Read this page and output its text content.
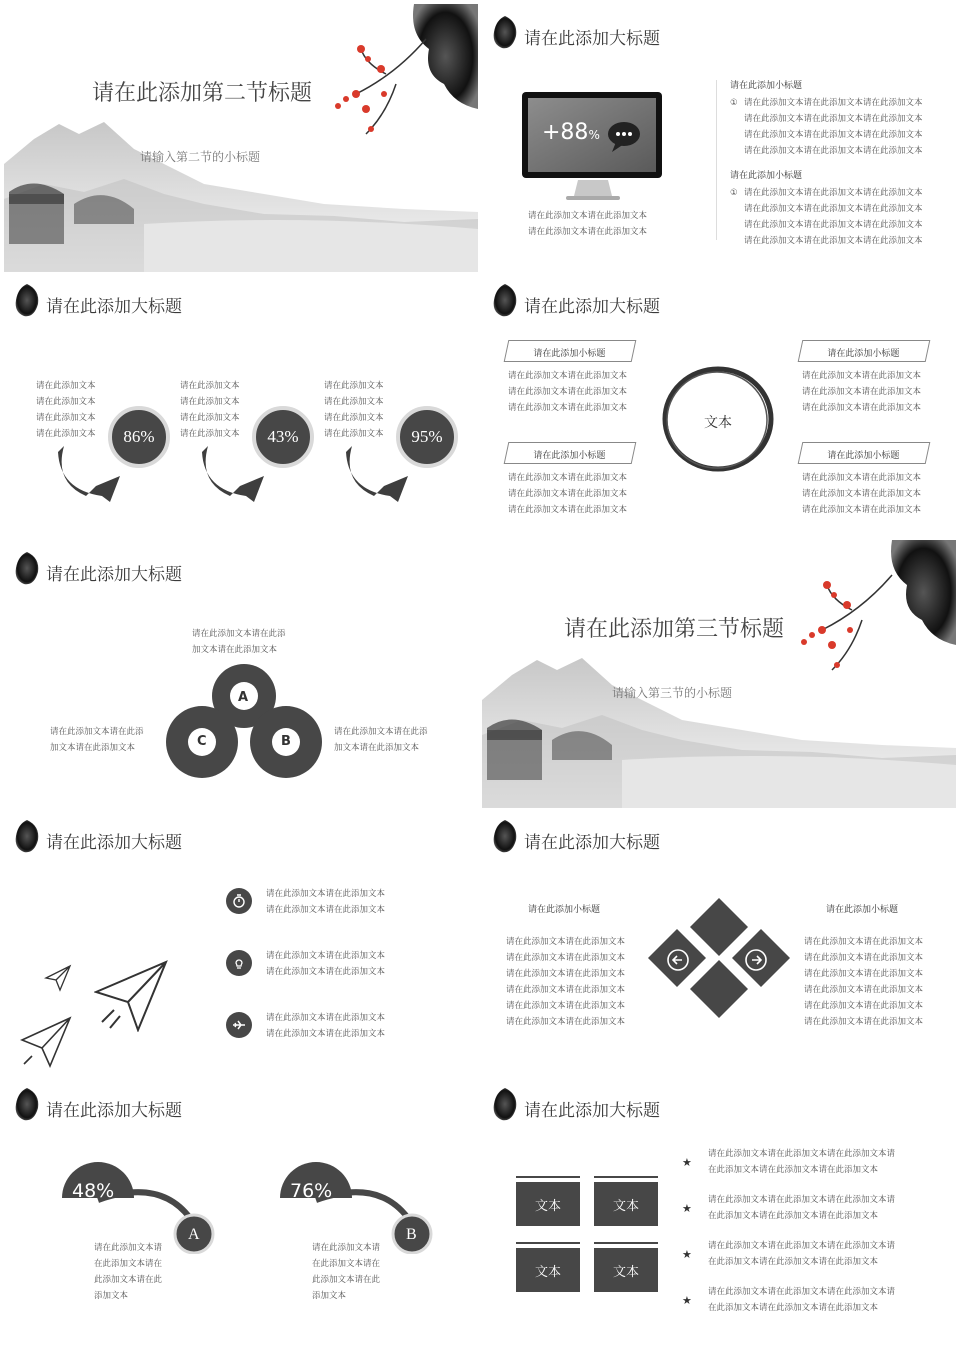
请在此添加第二节标题
请输入第二节的小标题
请在此添加大标题
+88%
请在此添加文本请在此添加文本
请在此添加文本请在此添加文本
请在此添加小标题
① 请在此添加文本请在此添加文本请在此添加文本
请在此添加文本请在此添加文本请在此添加文本
请在此添加文本请在此添加文本请在此添加文本
请在此添加文本请在此添加文本请在此添加文本
请在此添加小标题
① 请在此添加文本请在此添加文本请在此添加文本
请在此添加文本请在此添加文本请在此添加文本
请在此添加文本请在此添加文本请在此添加文本
请在此添加文本请在此添加文本请在此添加文本
请在此添加大标题
请在此添加文本
请在此添加文本
请在此添加文本
请在此添加文本
请在此添加文本
请在此添加文本
请在此添加文本
请在此添加文本
请在此添加文本
请在此添加文本
请在此添加文本
请在此添加文本
86%	43%	95%
请在此添加大标题
文本
请在此添加小标题
请在此添加文本请在此添加文本
请在此添加文本请在此添加文本
请在此添加文本请在此添加文本
请在此添加小标题
请在此添加文本请在此添加文本
请在此添加文本请在此添加文本
请在此添加文本请在此添加文本
请在此添加小标题
请在此添加文本请在此添加文本
请在此添加文本请在此添加文本
请在此添加文本请在此添加文本
请在此添加小标题
请在此添加文本请在此添加文本
请在此添加文本请在此添加文本
请在此添加文本请在此添加文本
请在此添加大标题
请在此添加文本请在此添
加文本请在此添加文本
请在此添加文本请在此添
加文本请在此添加文本
请在此添加文本请在此添
加文本请在此添加文本
A
B
C
请在此添加第三节标题
请输入第三节的小标题
请在此添加大标题
请在此添加文本请在此添加文本
请在此添加文本请在此添加文本
请在此添加文本请在此添加文本
请在此添加文本请在此添加文本
请在此添加文本请在此添加文本
请在此添加文本请在此添加文本
请在此添加大标题
请在此添加小标题	请在此添加小标题
请在此添加文本请在此添加文本
请在此添加文本请在此添加文本
请在此添加文本请在此添加文本
请在此添加文本请在此添加文本
请在此添加文本请在此添加文本
请在此添加文本请在此添加文本
请在此添加文本请在此添加文本
请在此添加文本请在此添加文本
请在此添加文本请在此添加文本
请在此添加文本请在此添加文本
请在此添加文本请在此添加文本
请在此添加文本请在此添加文本
请在此添加大标题
48%
A
请在此添加文本请
在此添加文本请在
此添加文本请在此
添加文本
76%
B
请在此添加文本请
在此添加文本请在
此添加文本请在此
添加文本
请在此添加大标题
文本	文本
文本	文本
★
请在此添加文本请在此添加文本请在此添加文本请
在此添加文本请在此添加文本请在此添加文本
★
请在此添加文本请在此添加文本请在此添加文本请
在此添加文本请在此添加文本请在此添加文本
★
请在此添加文本请在此添加文本请在此添加文本请
在此添加文本请在此添加文本请在此添加文本
★
请在此添加文本请在此添加文本请在此添加文本请
在此添加文本请在此添加文本请在此添加文本
